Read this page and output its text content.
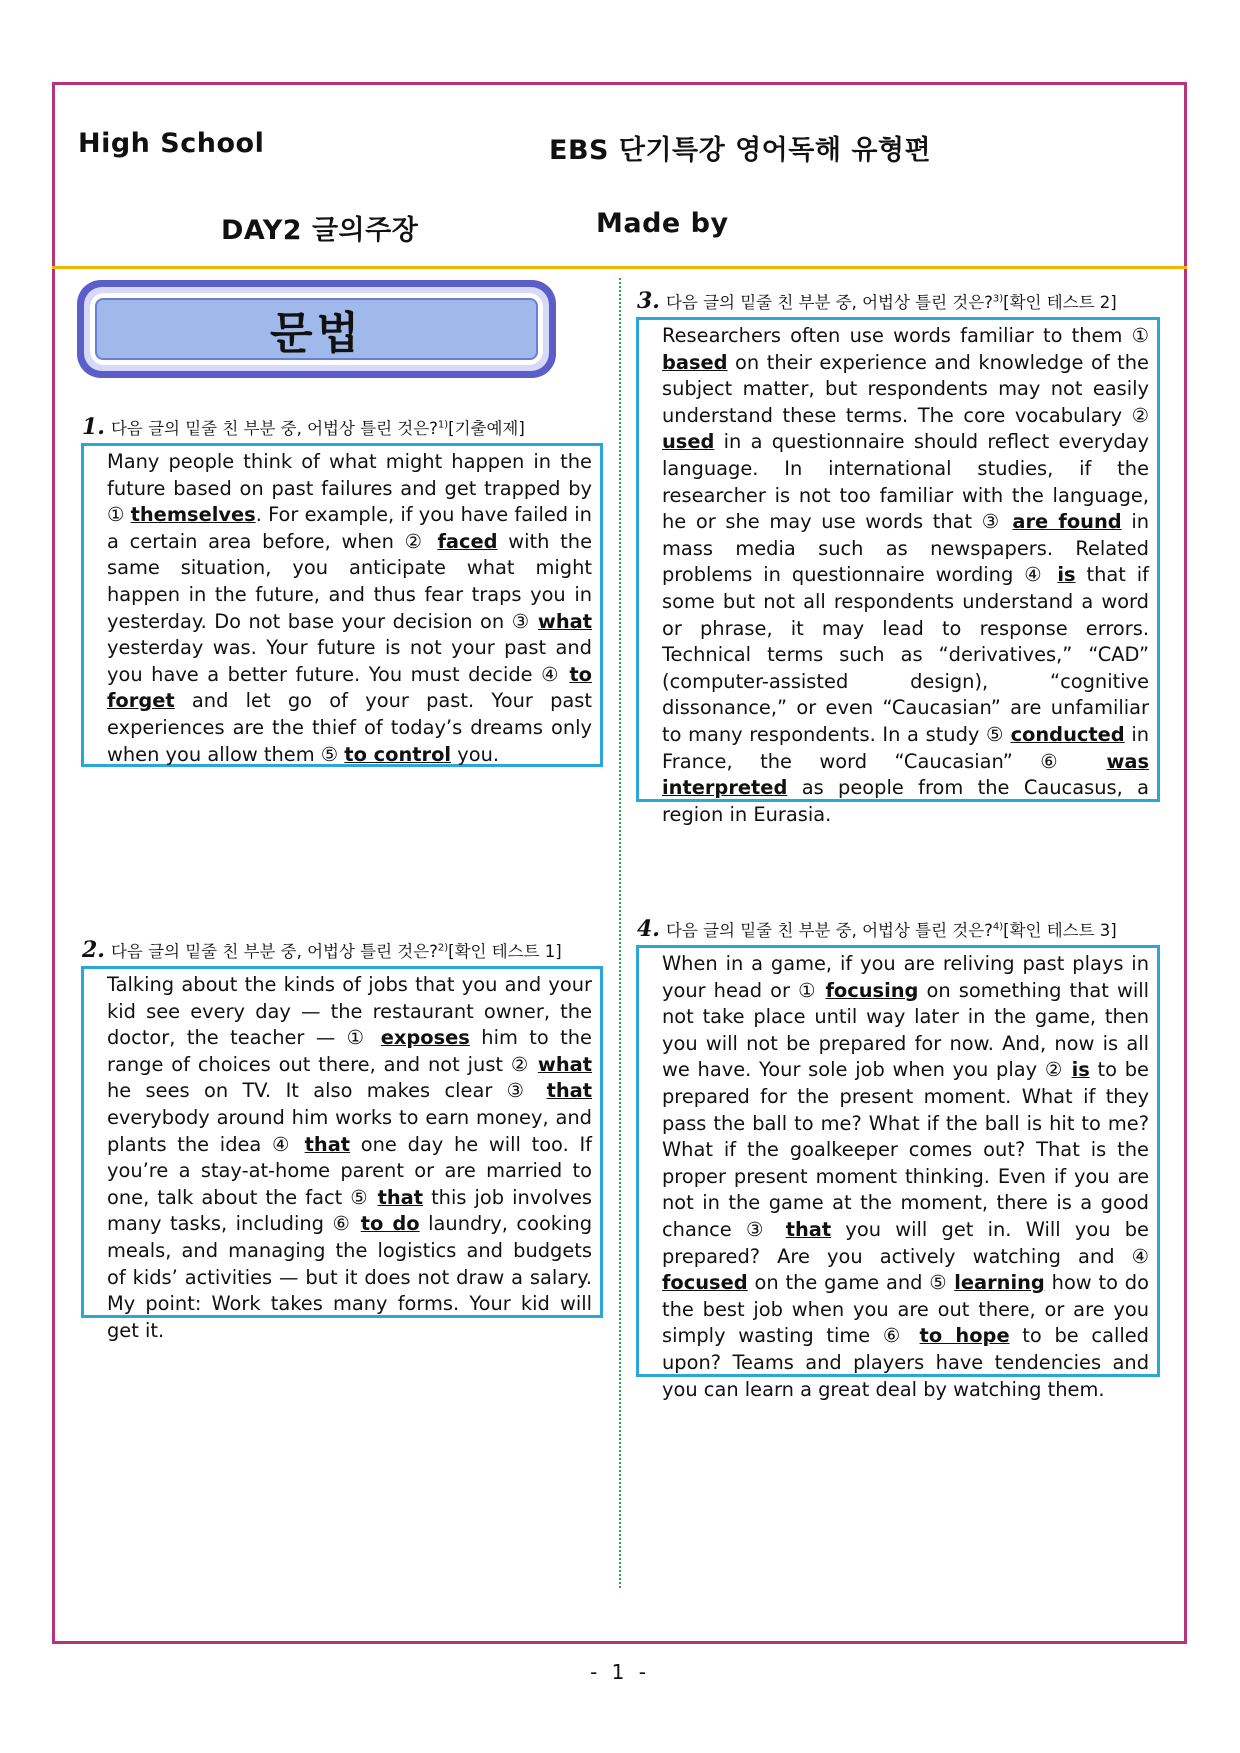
High School	EBS 단기특강 영어독해 유형편
DAY2 글의주장	Made by
문법
1. 다음 글의 밑줄 친 부분 중, 어법상 틀린 것은?$^{1)}$[기출예제]
Many people think of what might happen in the future based on past failures and get trapped by ① themselves. For example, if you have failed in a certain area before, when ② faced with the same situation, you anticipate what might happen in the future, and thus fear traps you in yesterday. Do not base your decision on ③ what yesterday was. Your future is not your past and you have a better future. You must decide ④ to forget and let go of your past. Your past experiences are the thief of today’s dreams only when you allow them ⑤ to control you.
2. 다음 글의 밑줄 친 부분 중, 어법상 틀린 것은?$^{2)}$[확인 테스트 1]
Talking about the kinds of jobs that you and your kid see every day — the restaurant owner, the doctor, the teacher — ① exposes him to the range of choices out there, and not just ② what he sees on TV. It also makes clear ③ that everybody around him works to earn money, and plants the idea ④ that one day he will too. If you’re a stay-at-home parent or are married to one, talk about the fact ⑤ that this job involves many tasks, including ⑥ to do laundry, cooking meals, and managing the logistics and budgets of kids’ activities — but it does not draw a salary. My point: Work takes many forms. Your kid will get it.
3. 다음 글의 밑줄 친 부분 중, 어법상 틀린 것은?$^{3)}$[확인 테스트 2]
Researchers often use words familiar to them ① based on their experience and knowledge of the subject matter, but respondents may not easily understand these terms. The core vocabulary ② used in a questionnaire should reflect everyday language. In international studies, if the researcher is not too familiar with the language, he or she may use words that ③ are found in mass media such as newspapers. Related problems in questionnaire wording ④ is that if some but not all respondents understand a word or phrase, it may lead to response errors. Technical terms such as “derivatives,” “CAD” (computer-assisted design), “cognitive dissonance,” or even “Caucasian” are unfamiliar to many respondents. In a study ⑤ conducted in France, the word “Caucasian” ⑥ was interpreted as people from the Caucasus, a region in Eurasia.
4. 다음 글의 밑줄 친 부분 중, 어법상 틀린 것은?$^{4)}$[확인 테스트 3]
When in a game, if you are reliving past plays in your head or ① focusing on something that will not take place until way later in the game, then you will not be prepared for now. And, now is all we have. Your sole job when you play ② is to be prepared for the present moment. What if they pass the ball to me? What if the ball is hit to me? What if the goalkeeper comes out? That is the proper present moment thinking. Even if you are not in the game at the moment, there is a good chance ③ that you will get in. Will you be prepared? Are you actively watching and ④ focused on the game and ⑤ learning how to do the best job when you are out there, or are you simply wasting time ⑥ to hope to be called upon? Teams and players have tendencies and you can learn a great deal by watching them.
- 1 -
